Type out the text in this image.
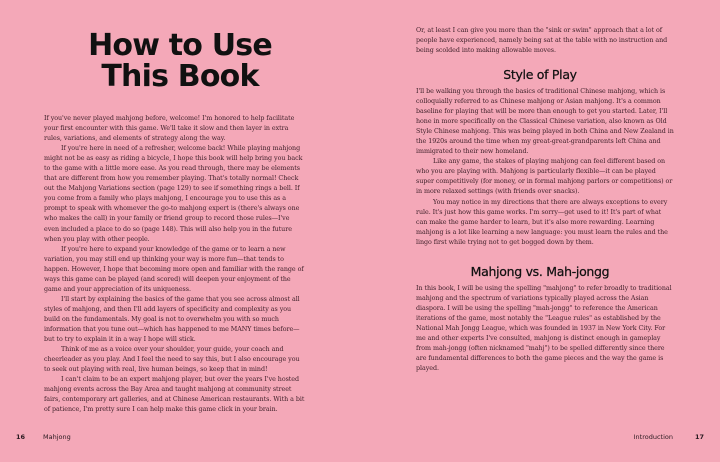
How to Use
This Book

If you've never played mahjong before, welcome! I'm honored to help facilitate your first encounter with this game. We'll take it slow and then layer in extra rules, variations, and elements of strategy along the way.

If you're here in need of a refresher, welcome back! While playing mahjong might not be as easy as riding a bicycle, I hope this book will help bring you back to the game with a little more ease. As you read through, there may be elements that are different from how you remember playing. That's totally normal! Check out the Mahjong Variations section (page 129) to see if something rings a bell. If you come from a family who plays mahjong, I encourage you to use this as a prompt to speak with whomever the go-to mahjong expert is (there's always one who makes the call) in your family or friend group to record those rules—I've even included a place to do so (page 148). This will also help you in the future when you play with other people.

If you're here to expand your knowledge of the game or to learn a new variation, you may still end up thinking your way is more fun—that tends to happen. However, I hope that becoming more open and familiar with the range of ways this game can be played (and scored) will deepen your enjoyment of the game and your appreciation of its uniqueness.

I'll start by explaining the basics of the game that you see across almost all styles of mahjong, and then I'll add layers of specificity and complexity as you build on the fundamentals. My goal is not to overwhelm you with so much information that you tune out—which has happened to me MANY times before—but to try to explain it in a way I hope will stick.

Think of me as a voice over your shoulder, your guide, your coach and cheerleader as you play. And I feel the need to say this, but I also encourage you to seek out playing with real, live human beings, so keep that in mind!

I can't claim to be an expert mahjong player, but over the years I've hosted mahjong events across the Bay Area and taught mahjong at community street fairs, contemporary art galleries, and at Chinese American restaurants. With a bit of patience, I'm pretty sure I can help make this game click in your brain.

16	Mahjong

Or, at least I can give you more than the "sink or swim" approach that a lot of people have experienced, namely being sat at the table with no instruction and being scolded into making allowable moves.

Style of Play

I'll be walking you through the basics of traditional Chinese mahjong, which is colloquially referred to as Chinese mahjong or Asian mahjong. It's a common baseline for playing that will be more than enough to get you started. Later, I'll hone in more specifically on the Classical Chinese variation, also known as Old Style Chinese mahjong. This was being played in both China and New Zealand in the 1920s around the time when my great-great-grandparents left China and immigrated to their new homeland.

Like any game, the stakes of playing mahjong can feel different based on who you are playing with. Mahjong is particularly flexible—it can be played super competitively (for money, or in formal mahjong parlors or competitions) or in more relaxed settings (with friends over snacks).

You may notice in my directions that there are always exceptions to every rule. It's just how this game works. I'm sorry—get used to it! It's part of what can make the game harder to learn, but it's also more rewarding. Learning mahjong is a lot like learning a new language: you must learn the rules and the lingo first while trying not to get bogged down by them.

Mahjong vs. Mah-jongg

In this book, I will be using the spelling "mahjong" to refer broadly to traditional mahjong and the spectrum of variations typically played across the Asian diaspora. I will be using the spelling "mah-jongg" to reference the American iterations of the game, most notably the "League rules" as established by the National Mah Jongg League, which was founded in 1937 in New York City. For me and other experts I've consulted, mahjong is distinct enough in gameplay from mah-jongg (often nicknamed "mahj") to be spelled differently since there are fundamental differences to both the game pieces and the way the game is played.

Introduction	17
